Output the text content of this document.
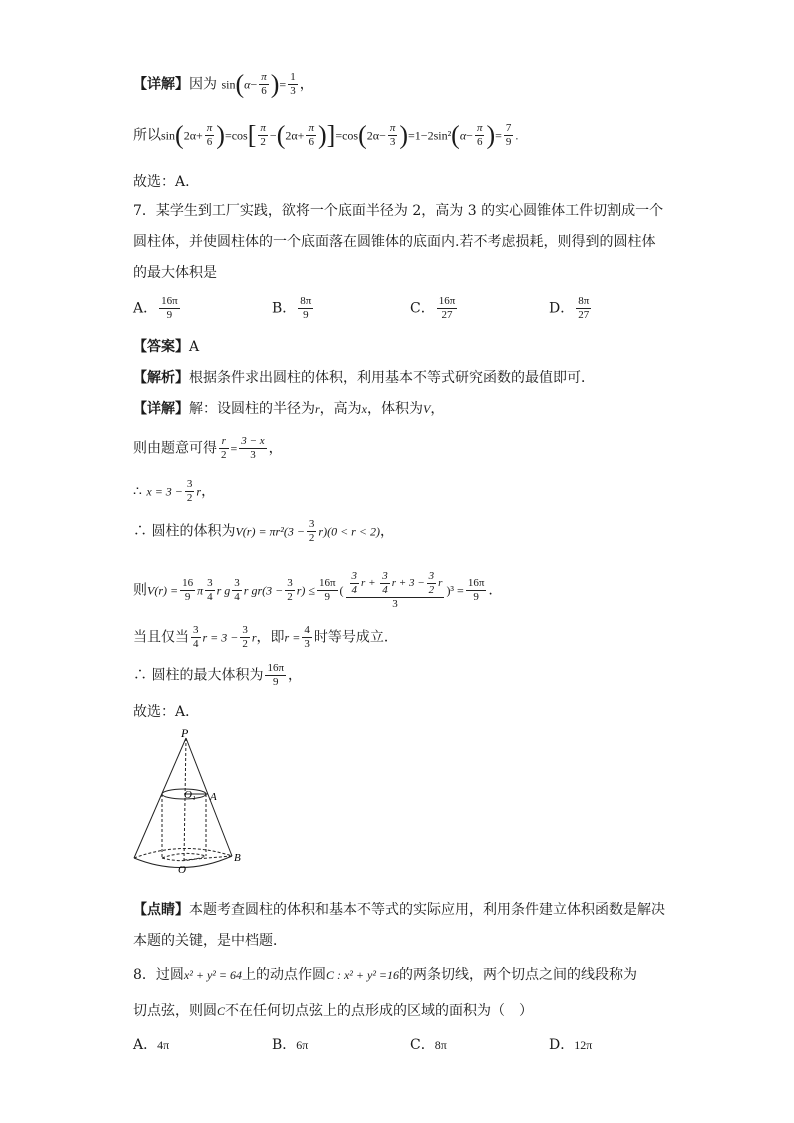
【详解】因为 $\sin(\alpha- \frac{\pi}{6}$ )= $\frac{1}{3}$ ，
所以$\sin(2\alpha+ \frac{\pi}{6} )=\cos[ \frac{\pi}{2} -(2\alpha+ \frac{\pi}{6} )]=\cos(2\alpha- \frac{\pi}{3} )=1-2\sin^2(\alpha- \frac{\pi}{6}$ )= $\frac{7}{9}$ .
故选：A.
7．某学生到工厂实践，欲将一个底面半径为 2，高为 3 的实心圆锥体工件切割成一个
圆柱体，并使圆柱体的一个底面落在圆锥体的底面内.若不考虑损耗，则得到的圆柱体
的最大体积是
A． $\frac{16\pi}{9}$	B． $\frac{8\pi}{9}$	C． $\frac{16\pi}{27}$	D． $\frac{8\pi}{27}$
【答案】A
【解析】根据条件求出圆柱的体积，利用基本不等式研究函数的最值即可．
【详解】解：设圆柱的半径为r，高为x，体积为V，
则由题意可得 $\frac{r}{2} = \frac{3 - x}{3}$ ，
∴ $x = 3 - \frac{3}{2}$ r，
∴ 圆柱的体积为$V(r) = \pi r^2(3 - \frac{3}{2} r)(0 < r < 2)$，
则$V(r) = \frac{16}{9}$ π $\frac{3}{4}$ r g $\frac{3}{4}$ r $gr(3 - \frac{3}{2} r) \le \frac{16\pi}{9}$ ( $\frac{\frac{3}{4} r + \frac{3}{4} r + 3 - \frac{3}{2} r}{3} )^3 = \frac{16\pi}{9}$ .
当且仅当 $\frac{3}{4}$ $r = 3 - \frac{3}{2}$ r，即$r = \frac{4}{3}$ 时等号成立．
∴ 圆柱的最大体积为 $\frac{16\pi}{9}$ ，
故选：A．
P
O₁ A
O
B
【点睛】本题考查圆柱的体积和基本不等式的实际应用，利用条件建立体积函数是解决
本题的关键，是中档题．
8．过圆x² + y² = 64上的动点作圆C : x² + y² =16的两条切线，两个切点之间的线段称为
切点弦，则圆C不在任何切点弦上的点形成的区域的面积为（　）
A．4π	B．6π	C．8π	D．12π
